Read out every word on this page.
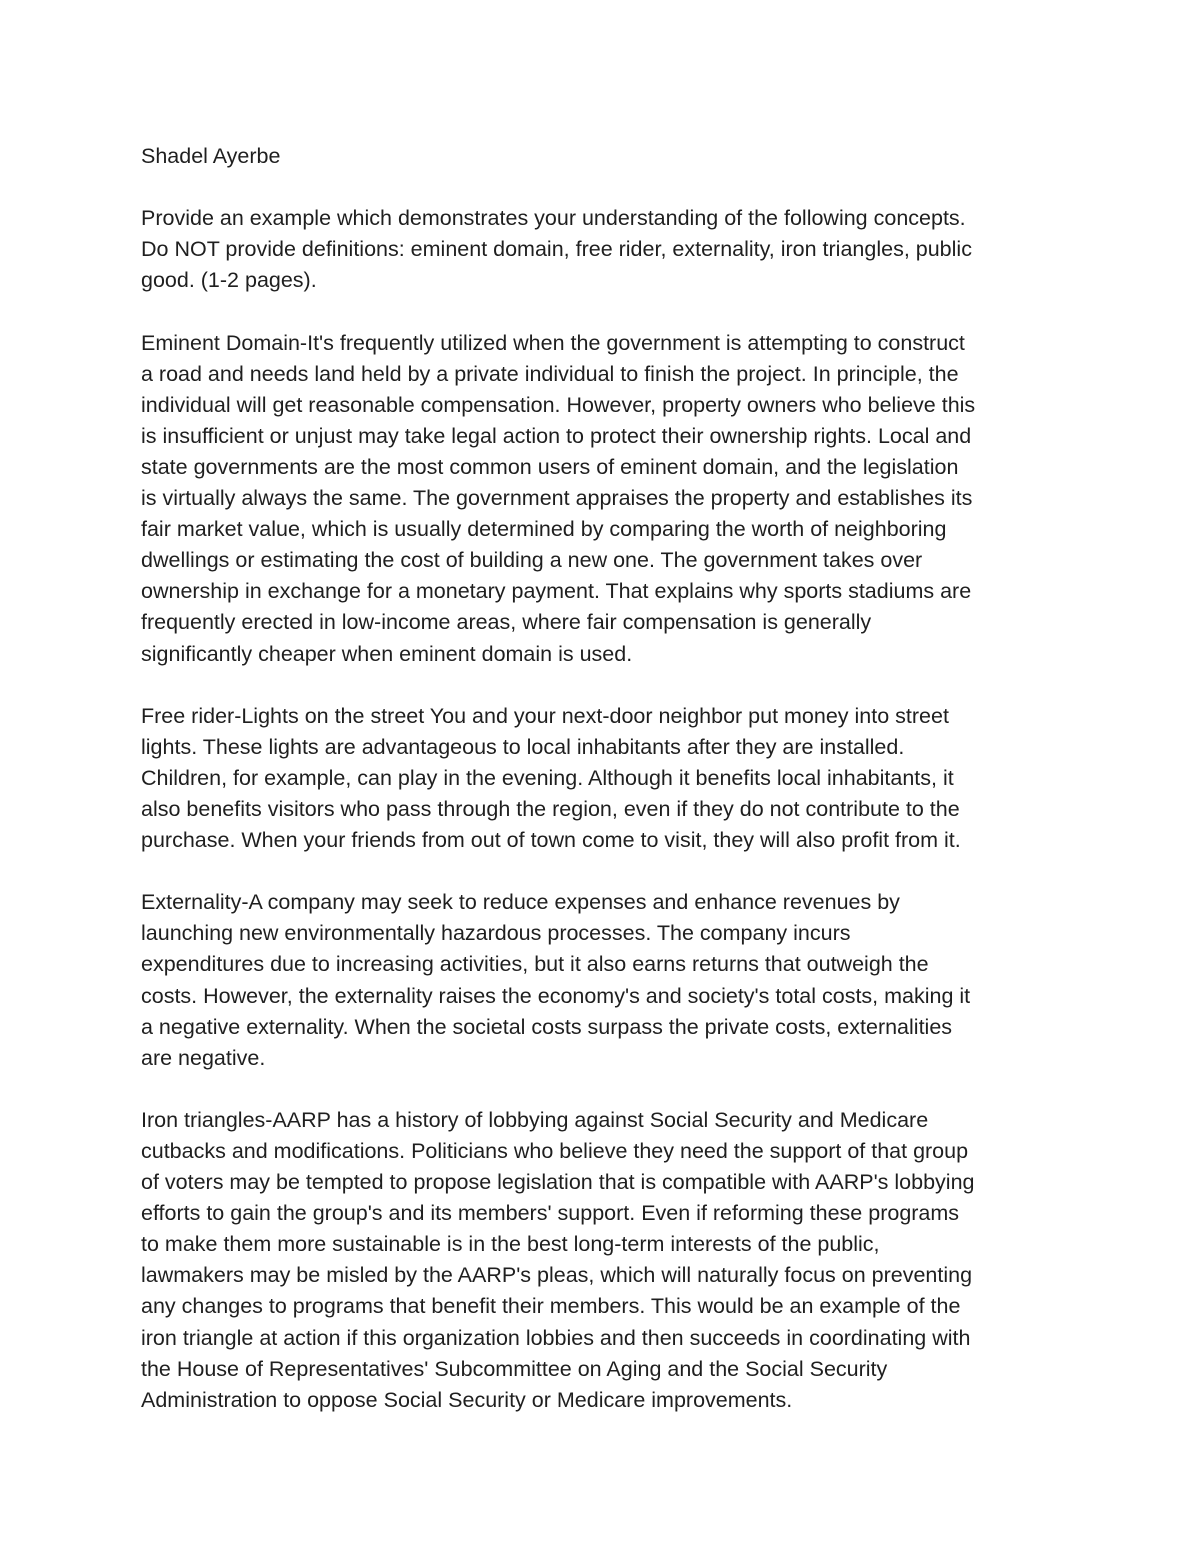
Shadel Ayerbe

Provide an example which demonstrates your understanding of the following concepts.
Do NOT provide definitions: eminent domain, free rider, externality, iron triangles, public
good. (1-2 pages).

Eminent Domain-It's frequently utilized when the government is attempting to construct
a road and needs land held by a private individual to finish the project. In principle, the
individual will get reasonable compensation. However, property owners who believe this
is insufficient or unjust may take legal action to protect their ownership rights. Local and
state governments are the most common users of eminent domain, and the legislation
is virtually always the same. The government appraises the property and establishes its
fair market value, which is usually determined by comparing the worth of neighboring
dwellings or estimating the cost of building a new one. The government takes over
ownership in exchange for a monetary payment. That explains why sports stadiums are
frequently erected in low-income areas, where fair compensation is generally
significantly cheaper when eminent domain is used.

Free rider-Lights on the street You and your next-door neighbor put money into street
lights. These lights are advantageous to local inhabitants after they are installed.
Children, for example, can play in the evening. Although it benefits local inhabitants, it
also benefits visitors who pass through the region, even if they do not contribute to the
purchase. When your friends from out of town come to visit, they will also profit from it.

Externality-A company may seek to reduce expenses and enhance revenues by
launching new environmentally hazardous processes. The company incurs
expenditures due to increasing activities, but it also earns returns that outweigh the
costs. However, the externality raises the economy's and society's total costs, making it
a negative externality. When the societal costs surpass the private costs, externalities
are negative.

Iron triangles-AARP has a history of lobbying against Social Security and Medicare
cutbacks and modifications. Politicians who believe they need the support of that group
of voters may be tempted to propose legislation that is compatible with AARP's lobbying
efforts to gain the group's and its members' support. Even if reforming these programs
to make them more sustainable is in the best long-term interests of the public,
lawmakers may be misled by the AARP's pleas, which will naturally focus on preventing
any changes to programs that benefit their members. This would be an example of the
iron triangle at action if this organization lobbies and then succeeds in coordinating with
the House of Representatives' Subcommittee on Aging and the Social Security
Administration to oppose Social Security or Medicare improvements.
